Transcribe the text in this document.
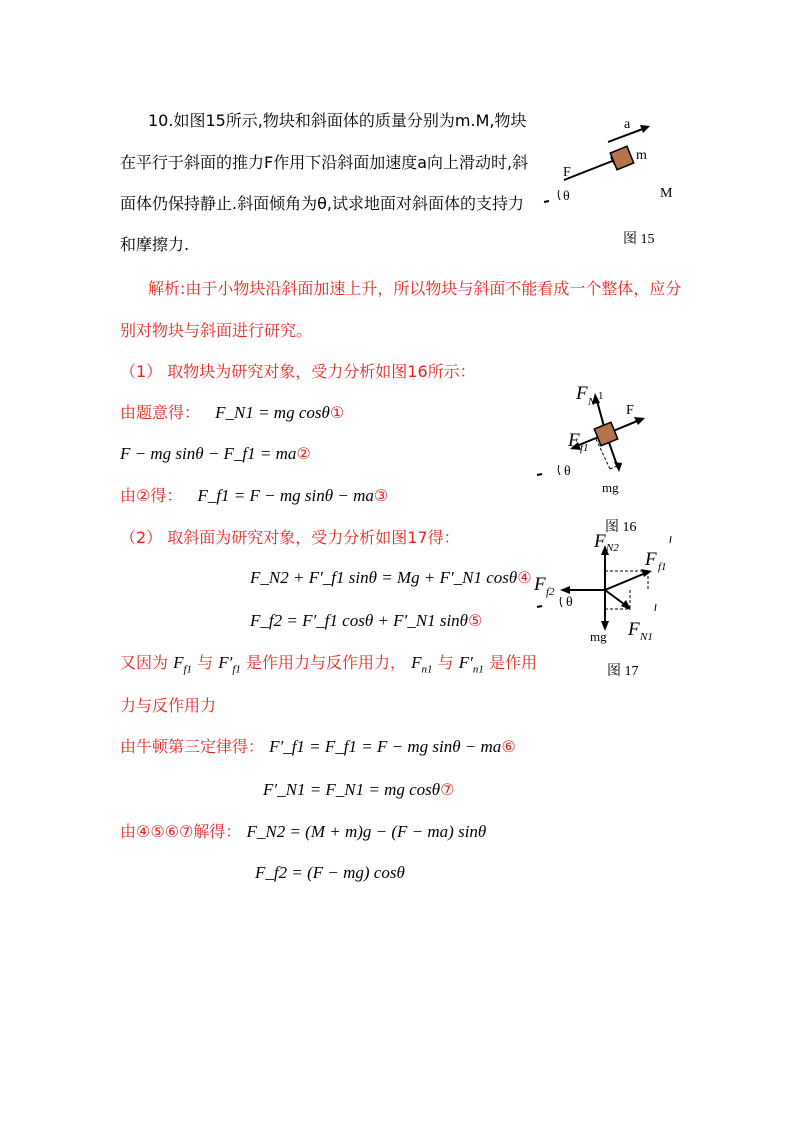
10.如图15所示,物块和斜面体的质量分别为m.M,物块
在平行于斜面的推力F作用下沿斜面加速度a向上滑动时,斜
面体仍保持静止.斜面倾角为θ,试求地面对斜面体的支持力
和摩擦力.
a
m
F
θ	M
图 15
解析:由于小物块沿斜面加速上升，所以物块与斜面不能看成一个整体，应分
别对物块与斜面进行研究。
（1） 取物块为研究对象，受力分析如图16所示：
由题意得： F_N1 = mg cosθ①
F − mg sinθ − F_f1 = ma②
由②得： F_f1 = F − mg sinθ − ma③
F N 1
F
F f1
θ
mg
图 16
（2） 取斜面为研究对象，受力分析如图17得：
F_N2 + F′_f1 sinθ = Mg + F′_N1 cosθ④
F_f2 = F′_f1 cosθ + F′_N1 sinθ⑤
F N2
F f1
F f2
θ
mg F N1
图 17
又因为 $F_{f1}$ 与 $F'_{f1}$ 是作用力与反作用力， $F_{n1}$ 与 $F'_{n1}$ 是作用
力与反作用力
由牛顿第三定律得： F′_f1 = F_f1 = F − mg sinθ − ma⑥
F′_N1 = F_N1 = mg cosθ⑦
由④⑤⑥⑦解得： F_N2 = (M + m)g − (F − ma) sinθ
F_f2 = (F − mg) cosθ
